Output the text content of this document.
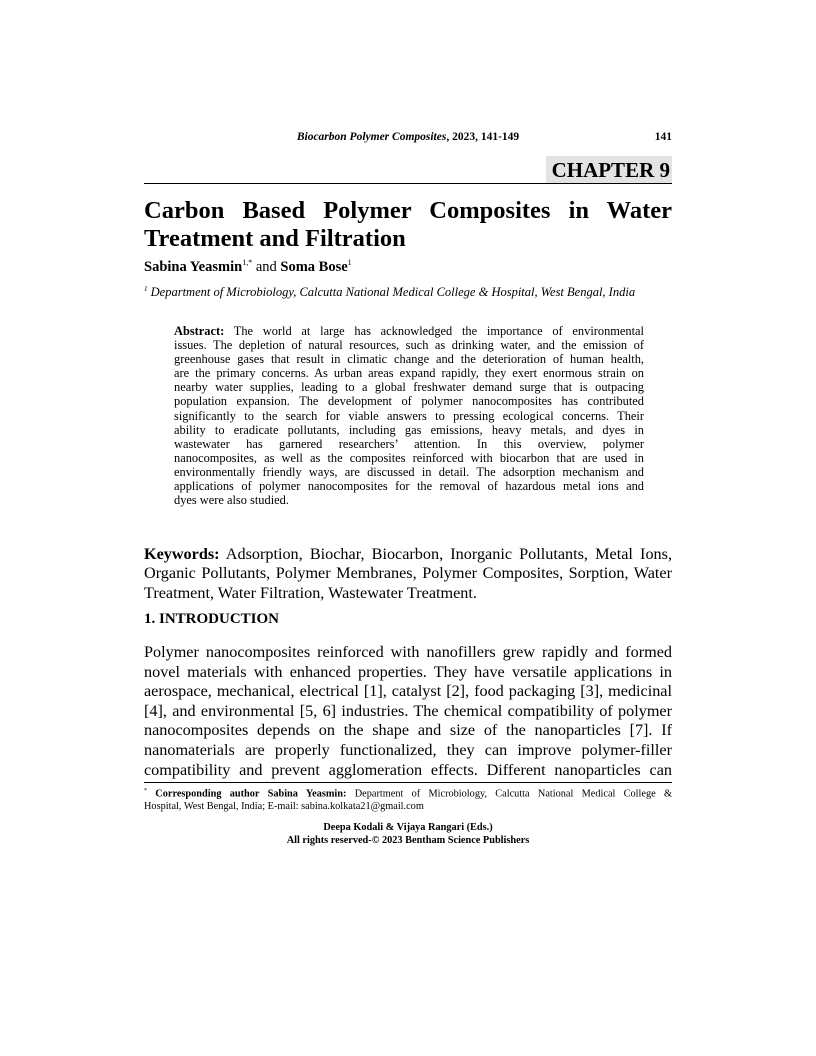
Biocarbon Polymer Composites, 2023, 141-149	141
CHAPTER 9
Carbon Based Polymer Composites in Water
Treatment and Filtration
Sabina Yeasmin$^{1,*}$ and Soma Bose$^1$
$^1$ Department of Microbiology, Calcutta National Medical College & Hospital, West Bengal, India
Abstract: The world at large has acknowledged the importance of environmental
issues. The depletion of natural resources, such as drinking water, and the emission of
greenhouse gases that result in climatic change and the deterioration of human health,
are the primary concerns. As urban areas expand rapidly, they exert enormous strain on
nearby water supplies, leading to a global freshwater demand surge that is outpacing
population expansion. The development of polymer nanocomposites has contributed
significantly to the search for viable answers to pressing ecological concerns. Their
ability to eradicate pollutants, including gas emissions, heavy metals, and dyes in
wastewater has garnered researchers’ attention. In this overview, polymer
nanocomposites, as well as the composites reinforced with biocarbon that are used in
environmentally friendly ways, are discussed in detail. The adsorption mechanism and
applications of polymer nanocomposites for the removal of hazardous metal ions and
dyes were also studied.
Keywords: Adsorption, Biochar, Biocarbon, Inorganic Pollutants, Metal Ions,
Organic Pollutants, Polymer Membranes, Polymer Composites, Sorption, Water
Treatment, Water Filtration, Wastewater Treatment.
1. INTRODUCTION
Polymer nanocomposites reinforced with nanofillers grew rapidly and formed
novel materials with enhanced properties. They have versatile applications in
aerospace, mechanical, electrical [1], catalyst [2], food packaging [3], medicinal
[4], and environmental [5, 6] industries. The chemical compatibility of polymer
nanocomposites depends on the shape and size of the nanoparticles [7]. If
nanomaterials are properly functionalized, they can improve polymer-filler
compatibility and prevent agglomeration effects. Different nanoparticles can
* Corresponding author Sabina Yeasmin: Department of Microbiology, Calcutta National Medical College &
Hospital, West Bengal, India; E-mail: sabina.kolkata21@gmail.com
Deepa Kodali & Vijaya Rangari (Eds.)
All rights reserved-© 2023 Bentham Science Publishers
